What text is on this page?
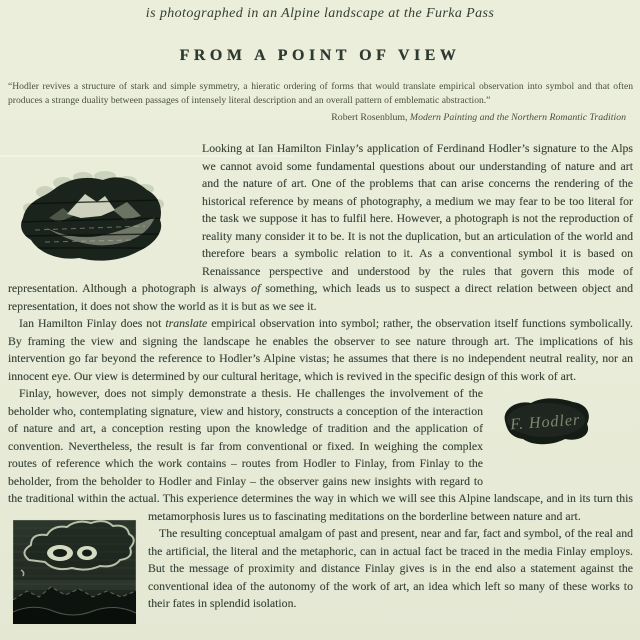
is photographed in an Alpine landscape at the Furka Pass
FROM A POINT OF VIEW
“Hodler revives a structure of stark and simple symmetry, a hieratic ordering of forms that would translate empirical observation into symbol and that often produces a strange duality between passages of intensely literal description and an overall pattern of emblematic abstraction.”
Robert Rosenblum, Modern Painting and the Northern Romantic Tradition

Looking at Ian Hamilton Finlay’s application of Ferdinand Hodler’s signature to the Alps we cannot avoid some fundamental questions about our understanding of nature and art and the nature of art. One of the problems that can arise concerns the rendering of the historical reference by means of photography, a medium we may fear to be too literal for the task we suppose it has to fulfil here. However, a photograph is not the reproduction of reality many consider it to be. It is not the duplication, but an articulation of the world and therefore bears a symbolic relation to it. As a conventional symbol it is based on Renaissance perspective and understood by the rules that govern this mode of representation. Although a photograph is always of something, which leads us to suspect a direct relation between object and representation, it does not show the world as it is but as we see it.

Ian Hamilton Finlay does not translate empirical observation into symbol; rather, the observation itself functions symbolically. By framing the view and signing the landscape he enables the observer to see nature through art. The implications of his intervention go far beyond the reference to Hodler’s Alpine vistas; he assumes that there is no independent neutral reality, nor an innocent eye. Our view is determined by our cultural heritage, which is revived in the specific design of this work of art.

F. Hodler
Finlay, however, does not simply demonstrate a thesis. He challenges the involvement of the beholder who, contemplating signature, view and history, constructs a conception of the interaction of nature and art, a conception resting upon the knowledge of tradition and the application of convention. Nevertheless, the result is far from conventional or fixed. In weighing the complex routes of reference which the work contains – routes from Hodler to Finlay, from Finlay to the beholder, from the beholder to Hodler and Finlay – the observer gains new insights with regard to the traditional within the actual. This experience determines the way in which we will see this Alpine landscape, and in its turn this metamorphosis
lures us to fascinating meditations on the borderline between nature and art.

The resulting conceptual amalgam of past and present, near and far, fact and symbol, of the real and the artificial, the literal and the metaphoric, can in actual fact be traced in the media Finlay employs. But the message of proximity and distance Finlay gives is in the end also a statement against the conventional idea of the autonomy of the work of art, an idea which left so many of these works to their fates in splendid isolation.
